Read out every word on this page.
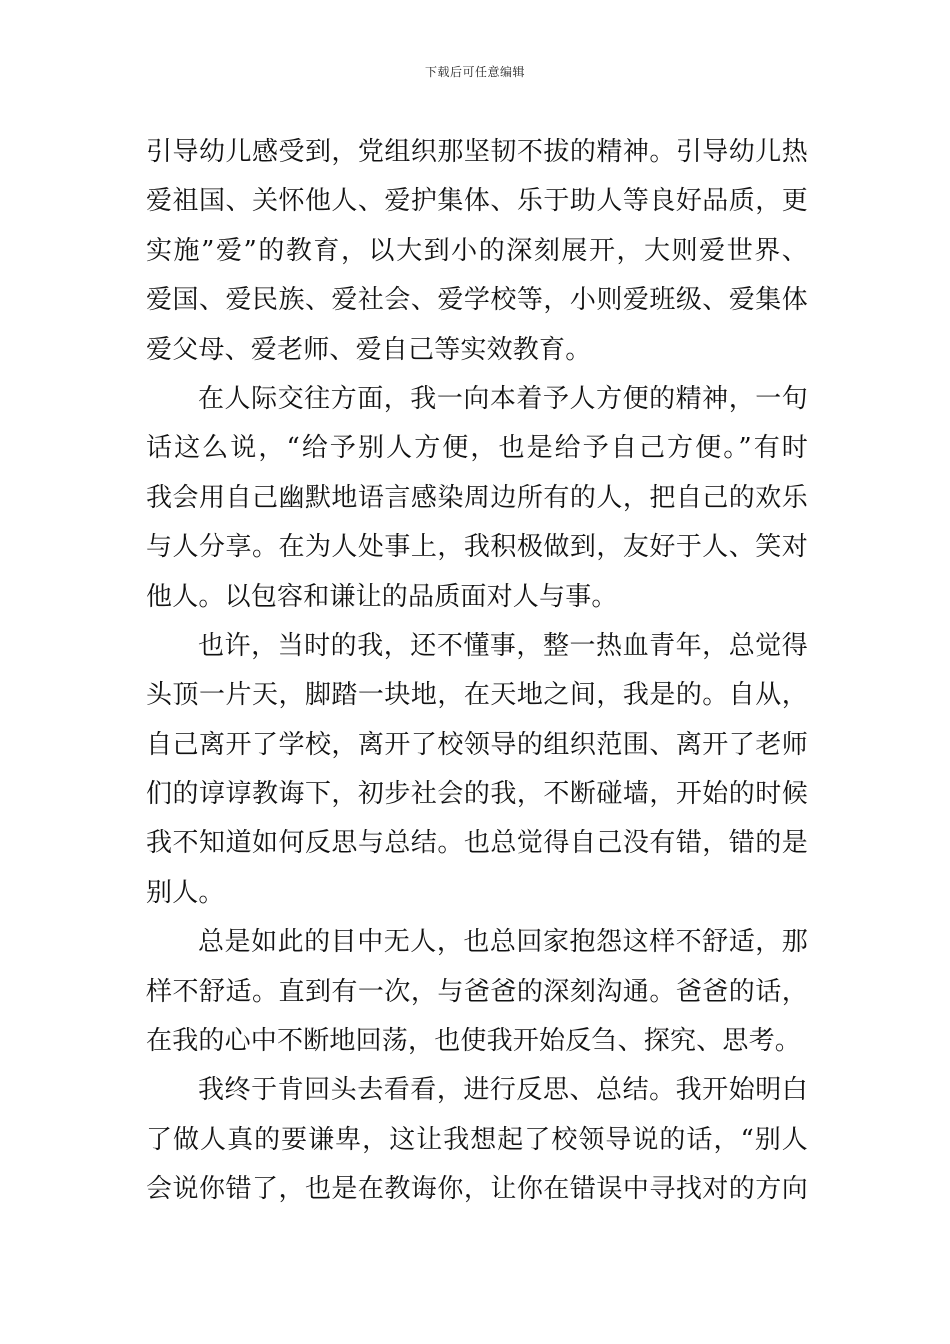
下载后可任意编辑
引导幼儿感受到，党组织那坚韧不拔的精神。引导幼儿热
爱祖国、关怀他人、爱护集体、乐于助人等良好品质，更
实施”爱”的教育，以大到小的深刻展开，大则爱世界、
爱国、爱民族、爱社会、爱学校等，小则爱班级、爱集体
爱父母、爱老师、爱自己等实效教育。
在人际交往方面，我一向本着予人方便的精神，一句
话这么说，“给予别人方便，也是给予自己方便。”有时
我会用自己幽默地语言感染周边所有的人，把自己的欢乐
与人分享。在为人处事上，我积极做到，友好于人、笑对
他人。以包容和谦让的品质面对人与事。
也许，当时的我，还不懂事，整一热血青年，总觉得
头顶一片天，脚踏一块地，在天地之间，我是的。自从，
自己离开了学校，离开了校领导的组织范围、离开了老师
们的谆谆教诲下，初步社会的我，不断碰墙，开始的时候
我不知道如何反思与总结。也总觉得自己没有错，错的是
别人。
总是如此的目中无人，也总回家抱怨这样不舒适，那
样不舒适。直到有一次，与爸爸的深刻沟通。爸爸的话，
在我的心中不断地回荡，也使我开始反刍、探究、思考。
我终于肯回头去看看，进行反思、总结。我开始明白
了做人真的要谦卑，这让我想起了校领导说的话，“别人
会说你错了，也是在教诲你，让你在错误中寻找对的方向
